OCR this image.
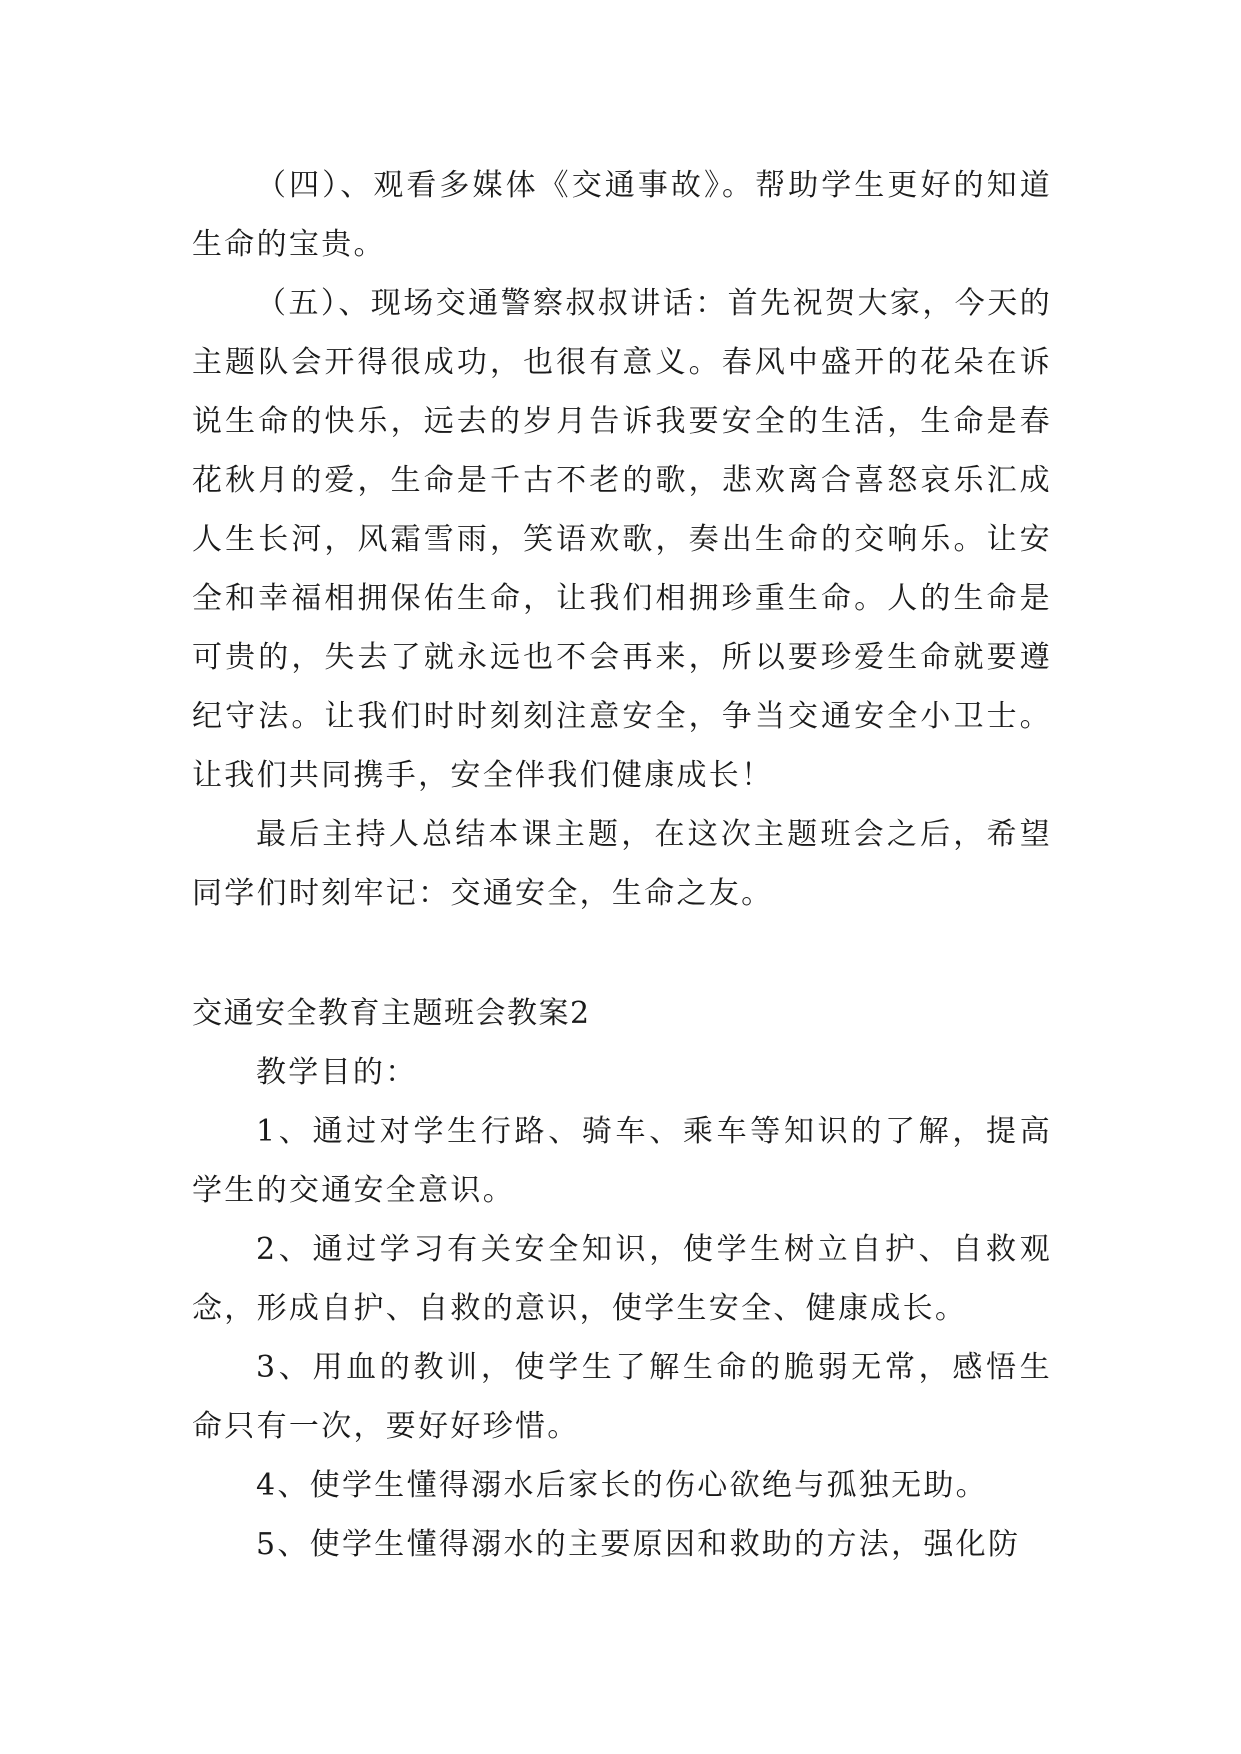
（四）、观看多媒体《交通事故》。帮助学生更好的知道生命的宝贵。

（五）、现场交通警察叔叔讲话：首先祝贺大家，今天的主题队会开得很成功，也很有意义。春风中盛开的花朵在诉说生命的快乐，远去的岁月告诉我要安全的生活，生命是春花秋月的爱，生命是千古不老的歌，悲欢离合喜怒哀乐汇成人生长河，风霜雪雨，笑语欢歌，奏出生命的交响乐。让安全和幸福相拥保佑生命，让我们相拥珍重生命。人的生命是可贵的，失去了就永远也不会再来，所以要珍爱生命就要遵纪守法。让我们时时刻刻注意安全，争当交通安全小卫士。让我们共同携手，安全伴我们健康成长！

最后主持人总结本课主题，在这次主题班会之后，希望同学们时刻牢记：交通安全，生命之友。

交通安全教育主题班会教案2

教学目的：

1、通过对学生行路、骑车、乘车等知识的了解，提高学生的交通安全意识。

2、通过学习有关安全知识，使学生树立自护、自救观念，形成自护、自救的意识，使学生安全、健康成长。

3、用血的教训，使学生了解生命的脆弱无常，感悟生命只有一次，要好好珍惜。

4、使学生懂得溺水后家长的伤心欲绝与孤独无助。

5、使学生懂得溺水的主要原因和救助的方法，强化防
